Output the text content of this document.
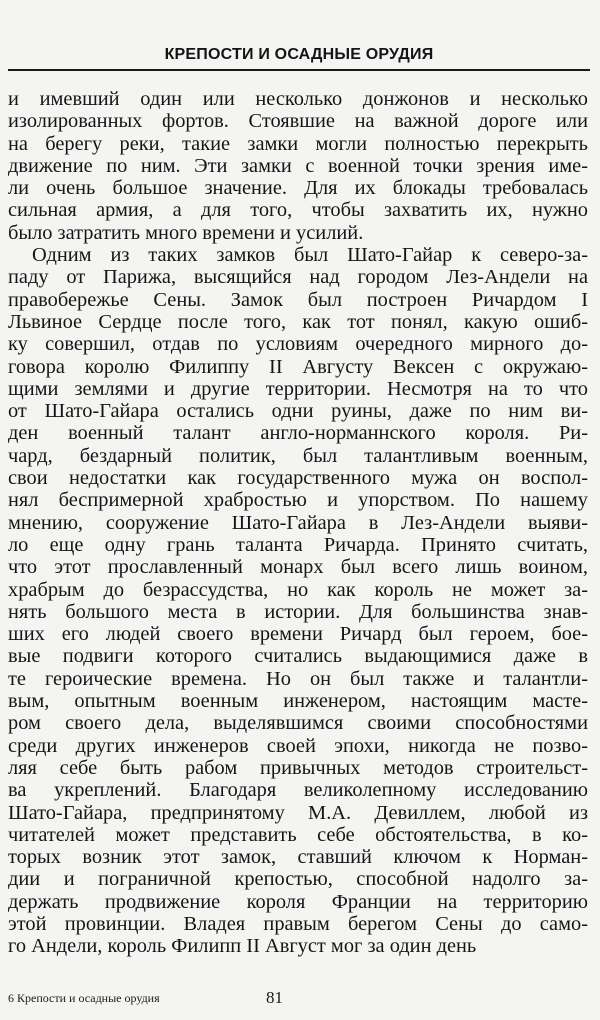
КРЕПОСТИ И ОСАДНЫЕ ОРУДИЯ
и имевший один или несколько донжонов и несколько
изолированных фортов. Стоявшие на важной дороге или
на берегу реки, такие замки могли полностью перекрыть
движение по ним. Эти замки с военной точки зрения име-
ли очень большое значение. Для их блокады требовалась
сильная армия, а для того, чтобы захватить их, нужно
было затратить много времени и усилий.
Одним из таких замков был Шато-Гайар к северо-за-
паду от Парижа, высящийся над городом Лез-Андели на
правобережье Сены. Замок был построен Ричардом I
Львиное Сердце после того, как тот понял, какую ошиб-
ку совершил, отдав по условиям очередного мирного до-
говора королю Филиппу II Августу Вексен с окружаю-
щими землями и другие территории. Несмотря на то что
от Шато-Гайара остались одни руины, даже по ним ви-
ден военный талант англо-норманнского короля. Ри-
чард, бездарный политик, был талантливым военным,
свои недостатки как государственного мужа он воспол-
нял беспримерной храбростью и упорством. По нашему
мнению, сооружение Шато-Гайара в Лез-Андели выяви-
ло еще одну грань таланта Ричарда. Принято считать,
что этот прославленный монарх был всего лишь воином,
храбрым до безрассудства, но как король не может за-
нять большого места в истории. Для большинства знав-
ших его людей своего времени Ричард был героем, бое-
вые подвиги которого считались выдающимися даже в
те героические времена. Но он был также и талантли-
вым, опытным военным инженером, настоящим масте-
ром своего дела, выделявшимся своими способностями
среди других инженеров своей эпохи, никогда не позво-
ляя себе быть рабом привычных методов строительст-
ва укреплений. Благодаря великолепному исследованию
Шато-Гайара, предпринятому М.А. Девиллем, любой из
читателей может представить себе обстоятельства, в ко-
торых возник этот замок, ставший ключом к Норман-
дии и пограничной крепостью, способной надолго за-
держать продвижение короля Франции на территорию
этой провинции. Владея правым берегом Сены до само-
го Андели, король Филипп II Август мог за один день
6 Крепости и осадные орудия	81
